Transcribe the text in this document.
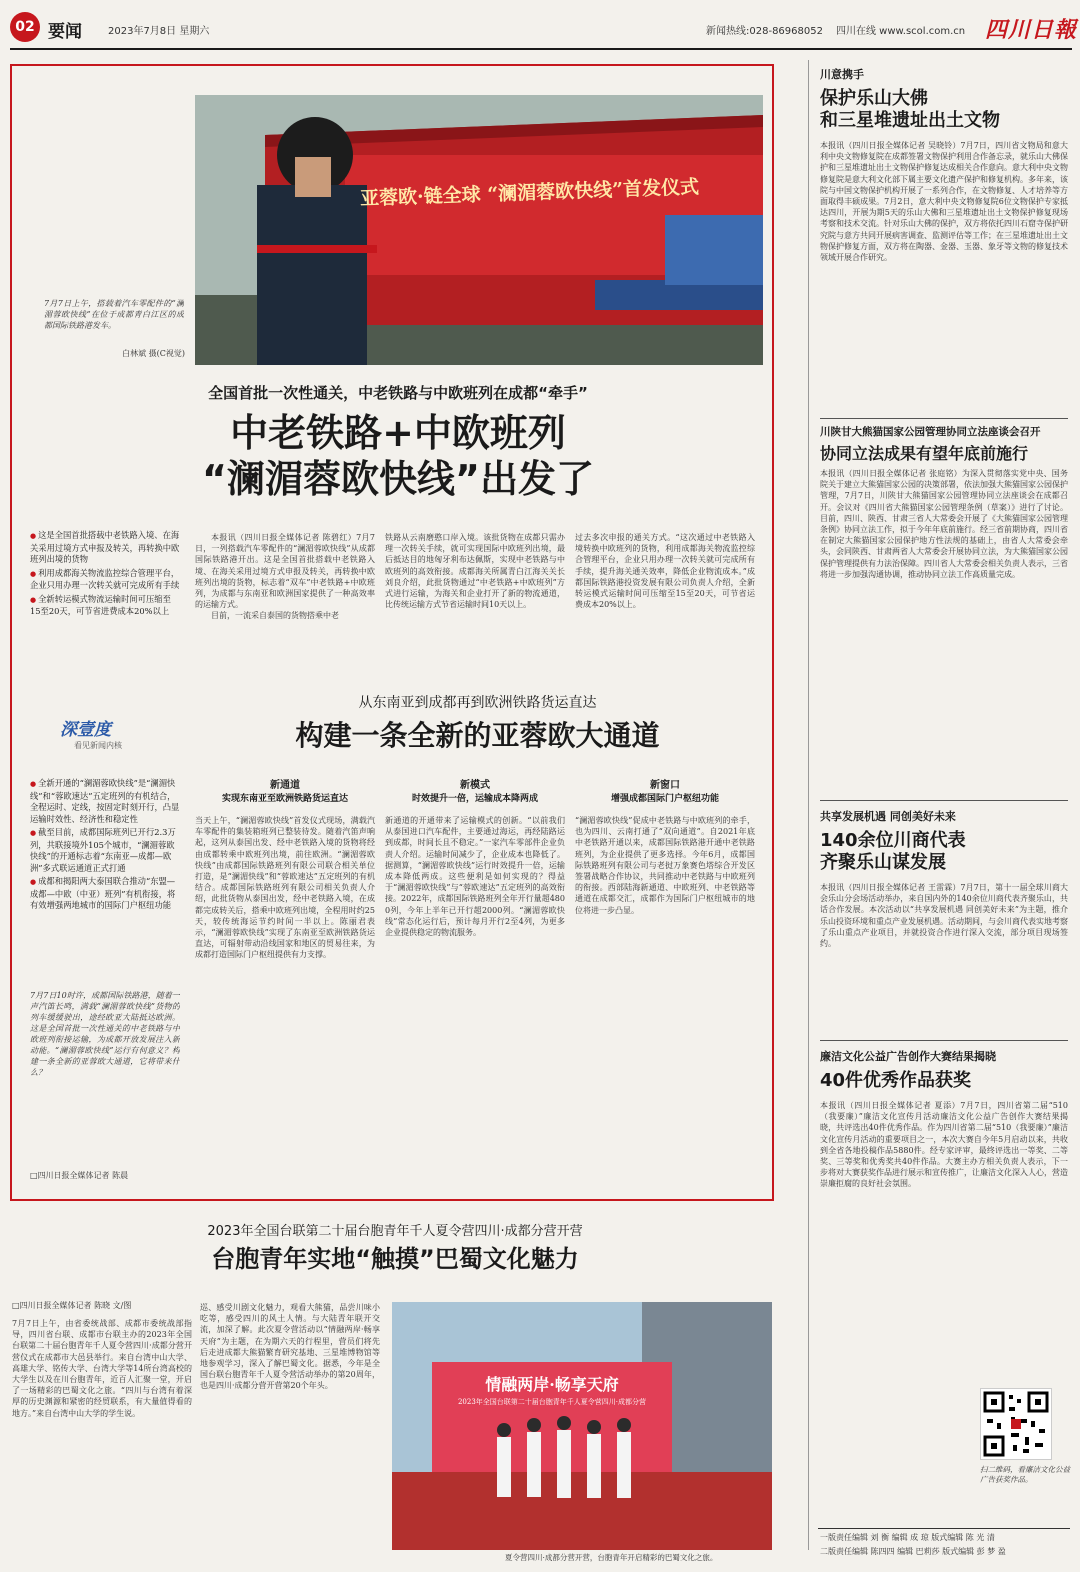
02 要闻	2023年7月8日 星期六	新闻热线:028-86968052 四川在线 www.scol.com.cn 四川日報
亚蓉欧·链全球 “澜湄蓉欧快线”首发仪式
7月7日上午，搭载着汽车零配件的“澜湄蓉欧快线”在位于成都青白江区的成都国际铁路港发车。
白林斌 摄(C视觉)
全国首批一次性通关，中老铁路与中欧班列在成都“牵手”
中老铁路+中欧班列
“澜湄蓉欧快线”出发了

● 这是全国首批搭载中老铁路入境、在海关采用过境方式申报及转关，再转换中欧班列出境的货物

● 利用成都海关物流监控综合管理平台，企业只用办理一次转关就可完成所有手续

● 全新转运模式物流运输时间可压缩至15至20天，可节省进费成本20%以上

本报讯（四川日报全媒体记者 陈碧红）7月7日，一列搭载汽车零配件的“澜湄蓉欧快线”从成都国际铁路港开出。这是全国首批搭载中老铁路入境、在海关采用过境方式申报及转关，再转换中欧班列出境的货物，标志着“双车”中老铁路+中欧班列，为成都与东南亚和欧洲国家提供了一种高效率的运输方式。

目前，一流采自泰国的货物搭乘中老

铁路从云南磨憨口岸入境。该批货物在成都只需办理一次转关手续，就可实现国际中欧班列出境，最后抵达目的地匈牙利布达佩斯，实现中老铁路与中欧班列的高效衔接。成都海关所属青白江海关关长刘良介绍，此批货物通过“中老铁路+中欧班列”方式进行运输，为海关和企业打开了新的物流通道，比传统运输方式节省运输时间10天以上。
过去多次申报的通关方式。“这次通过中老铁路入境转换中欧班列的货物，利用成都海关物流监控综合管理平台，企业只用办理一次转关就可完成所有手续，提升海关通关效率，降低企业物流成本。”成都国际铁路港投资发展有限公司负责人介绍，全新转运模式运输时间可压缩至15至20天，可节省运费成本20%以上。
深壹度
看见新闻内核

● 全新开通的“澜湄蓉欧快线”是“澜湄快线”和“蓉欧速达”五定班列的有机结合，全程运时、定线，按固定时刻开行，凸显运输时效性、经济性和稳定性

● 截至目前，成都国际班列已开行2.3万列，共联接境外105个城市，“澜湄蓉欧快线”的开通标志着“东南亚—成都—欧洲”多式联运通道正式打通

● 成都和揭阳两大泰国联合推动“东盟—成都—中欧（中亚）班列”有机衔接，将有效增强两地城市的国际门户枢纽功能

7月7日10时许，成都国际铁路港，随着一声汽笛长鸣，满载“澜湄蓉欧快线”货物的列车缓缓驶出，途经欧亚大陆抵达欧洲。这是全国首批一次性通关的中老铁路与中欧班列衔接运输，为成都开放发展注入新动能。“澜湄蓉欧快线”运行有何意义？构建一条全新的亚蓉欧大通道，它将带来什么？
□四川日报全媒体记者 陈晨
从东南亚到成都再到欧洲铁路货运直达
构建一条全新的亚蓉欧大通道
新通道
实现东南亚至欧洲铁路货运直达
新模式
时效提升一倍，运输成本降两成
新窗口
增强成都国际门户枢纽功能
当天上午，“澜湄蓉欧快线”首发仪式现场，满载汽车零配件的集装箱班列已整装待发。随着汽笛声响起，这列从泰国出发、经中老铁路入境的货物将经由成都转乘中欧班列出境，前往欧洲。“澜湄蓉欧快线”由成都国际铁路班列有限公司联合相关单位打造，是“澜湄快线”和“蓉欧速达”五定班列的有机结合。成都国际铁路班列有限公司相关负责人介绍，此批货物从泰国出发，经中老铁路入境，在成都完成转关后，搭乘中欧班列出境，全程用时约25天，较传统海运节约时间一半以上。陈丽君表示，“澜湄蓉欧快线”实现了东南亚至欧洲铁路货运直达，可辐射带动沿线国家和地区的贸易往来，为成都打造国际门户枢纽提供有力支撑。
新通道的开通带来了运输模式的创新。“以前我们从泰国进口汽车配件，主要通过海运，再经陆路运到成都，时间长且不稳定。”一家汽车零部件企业负责人介绍。运输时间减少了，企业成本也降低了。据测算，“澜湄蓉欧快线”运行时效提升一倍，运输成本降低两成。这些便利是如何实现的？得益于“澜湄蓉欧快线”与“蓉欧速达”五定班列的高效衔接。2022年，成都国际铁路班列全年开行量超4800列，今年上半年已开行超2000列。“澜湄蓉欧快线”常态化运行后，预计每月开行2至4列，为更多企业提供稳定的物流服务。
“澜湄蓉欧快线”促成中老铁路与中欧班列的牵手，也为四川、云南打通了“双向通道”。自2021年底中老铁路开通以来，成都国际铁路港开通中老铁路班列，为企业提供了更多选择。今年6月，成都国际铁路班列有限公司与老挝万象赛色塔综合开发区签署战略合作协议，共同推动中老铁路与中欧班列的衔接。西部陆海新通道、中欧班列、中老铁路等通道在成都交汇，成都作为国际门户枢纽城市的地位将进一步凸显。
2023年全国台联第二十届台胞青年千人夏令营四川·成都分营开营
台胞青年实地“触摸”巴蜀文化魅力
□四川日报全媒体记者 陈晓 文/图
7月7日上午，由省委统战部、成都市委统战部指导，四川省台联、成都市台联主办的2023年全国台联第二十届台胞青年千人夏令营四川·成都分营开营仪式在成都市大邑县举行。来自台湾中山大学、高雄大学、铭传大学、台湾大学等14所台湾高校的大学生以及在川台胞青年，近百人汇聚一堂，开启了一场精彩的巴蜀文化之旅。“四川与台湾有着深厚的历史渊源和紧密的经贸联系，有大量值得看的地方。”来自台湾中山大学的学生说。
巡、感受川剧文化魅力，观看大熊猫，品尝川味小吃等，感受四川的风土人情。与大陆青年联开交流，加深了解。此次夏令营活动以“情融两岸·畅享天府”为主题，在为期六天的行程里，营员们将先后走进成都大熊猫繁育研究基地、三星堆博物馆等地参观学习，深入了解巴蜀文化。据悉，今年是全国台联台胞青年千人夏令营活动举办的第20周年，也是四川·成都分营开营第20个年头。	情融两岸·畅享天府
2023年全国台联第二十届台胞青年千人夏令营四川·成都分营
夏令营四川·成都分营开营，台胞青年开启精彩的巴蜀文化之旅。
川意携手
保护乐山大佛
和三星堆遗址出土文物
本报讯（四川日报全媒体记者 吴晓铃）7月7日，四川省文物局和意大利中央文物修复院在成都签署文物保护利用合作备忘录，就乐山大佛保护和三星堆遗址出土文物保护修复达成相关合作意向。意大利中央文物修复院是意大利文化部下属主要文化遗产保护和修复机构。多年来，该院与中国文物保护机构开展了一系列合作，在文物修复、人才培养等方面取得丰硕成果。7月2日，意大利中央文物修复院6位文物保护专家抵达四川，开展为期5天的乐山大佛和三星堆遗址出土文物保护修复现场考察和技术交流。针对乐山大佛的保护，双方将依托四川石窟寺保护研究院与意方共同开展病害调查、监测评估等工作；在三星堆遗址出土文物保护修复方面，双方将在陶器、金器、玉器、象牙等文物的修复技术领域开展合作研究。
川陕甘大熊猫国家公园管理协同立法座谈会召开
协同立法成果有望年底前施行
本报讯（四川日报全媒体记者 张庭铭）为深入贯彻落实党中央、国务院关于建立大熊猫国家公园的决策部署，依法加强大熊猫国家公园保护管理，7月7日，川陕甘大熊猫国家公园管理协同立法座谈会在成都召开。会议对《四川省大熊猫国家公园管理条例（草案）》进行了讨论。目前，四川、陕西、甘肃三省人大常委会开展了《大熊猫国家公园管理条例》协同立法工作，拟于今年年底前施行。经三省前期协商，四川省在制定大熊猫国家公园保护地方性法规的基础上，由省人大常委会牵头，会同陕西、甘肃两省人大常委会开展协同立法，为大熊猫国家公园保护管理提供有力法治保障。四川省人大常委会相关负责人表示，三省将进一步加强沟通协调，推动协同立法工作高质量完成。
共享发展机遇 同创美好未来
140余位川商代表
齐聚乐山谋发展
本报讯（四川日报全媒体记者 王雷霖）7月7日，第十一届全球川商大会乐山分会场活动举办，来自国内外的140余位川商代表齐聚乐山，共话合作发展。本次活动以“共享发展机遇 同创美好未来”为主题，推介乐山投资环境和重点产业发展机遇。活动期间，与会川商代表实地考察了乐山重点产业项目，并就投资合作进行深入交流，部分项目现场签约。
廉洁文化公益广告创作大赛结果揭晓
40件优秀作品获奖
本报讯（四川日报全媒体记者 夏添）7月7日，四川省第二届“510（我要廉）”廉洁文化宣传月活动廉洁文化公益广告创作大赛结果揭晓，共评选出40件优秀作品。作为四川省第二届“510（我要廉）”廉洁文化宣传月活动的重要项目之一，本次大赛自今年5月启动以来，共收到全省各地投稿作品5880件。经专家评审，最终评选出一等奖、二等奖、三等奖和优秀奖共40件作品。大赛主办方相关负责人表示，下一步将对大赛获奖作品进行展示和宣传推广，让廉洁文化深入人心，营造崇廉拒腐的良好社会氛围。
扫二维码，看廉洁文化公益广告获奖作品。
一版责任编辑 刘 衡 编辑 成 琼 版式编辑 陈 光 清
二版责任编辑 陈四四 编辑 巴莉莎 版式编辑 彭 梦 盈
